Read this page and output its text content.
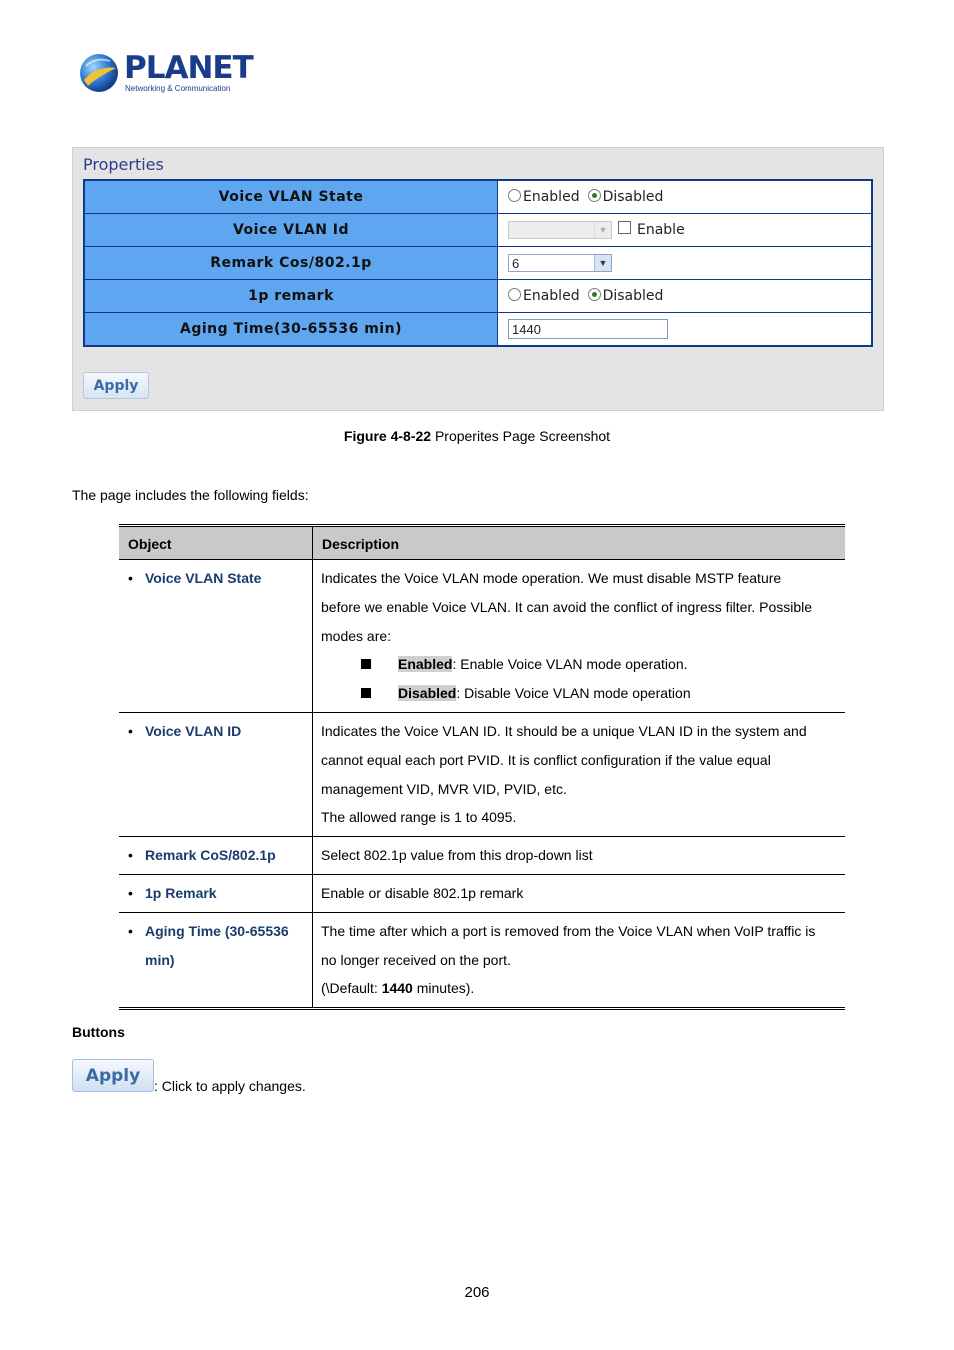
PLANET
Networking & Communication
Properties
Voice VLAN State	Enabled Disabled
Voice VLAN Id	▼ Enable
Remark Cos/802.1p	6 ▼

1p remark	Enabled Disabled
Aging Time(30-65536 min)	1440
Apply
Figure 4-8-22 Properites Page Screenshot
The page includes the following fields:
Object	Description

• Voice VLAN State	Indicates the Voice VLAN mode operation. We must disable MSTP feature
before we enable Voice VLAN. It can avoid the conflict of ingress filter. Possible
modes are:
Enabled: Enable Voice VLAN mode operation.
Disabled: Disable Voice VLAN mode operation

• Voice VLAN ID	Indicates the Voice VLAN ID. It should be a unique VLAN ID in the system and
cannot equal each port PVID. It is conflict configuration if the value equal
management VID, MVR VID, PVID, etc.
The allowed range is 1 to 4095.

• Remark CoS/802.1p	Select 802.1p value from this drop-down list

• 1p Remark	Enable or disable 802.1p remark

• Aging Time (30-65536 min)	The time after which a port is removed from the Voice VLAN when VoIP traffic is
no longer received on the port.
(\Default: 1440 minutes).
Buttons
Apply : Click to apply changes.
206
